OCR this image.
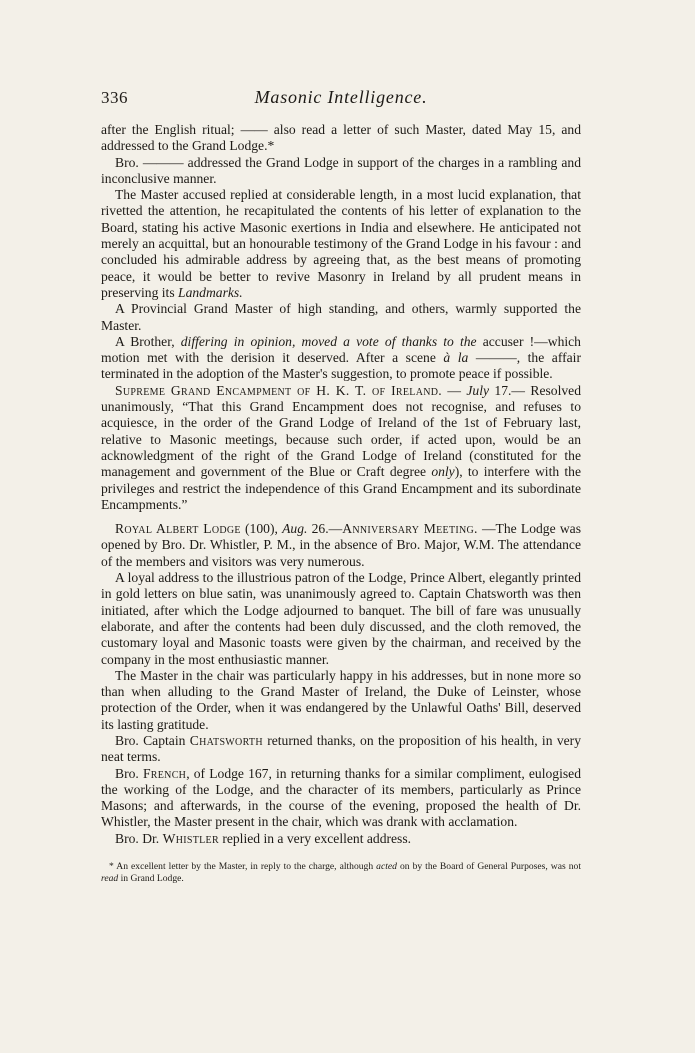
336	Masonic Intelligence.

after the English ritual; —— also read a letter of such Master, dated May 15, and addressed to the Grand Lodge.*

Bro. ——— addressed the Grand Lodge in support of the charges in a rambling and inconclusive manner.

The Master accused replied at considerable length, in a most lucid explanation, that rivetted the attention, he recapitulated the contents of his letter of explanation to the Board, stating his active Masonic exertions in India and elsewhere. He anticipated not merely an acquittal, but an honourable testimony of the Grand Lodge in his favour : and concluded his admirable address by agreeing that, as the best means of promoting peace, it would be better to revive Masonry in Ireland by all prudent means in preserving its Landmarks.

A Provincial Grand Master of high standing, and others, warmly supported the Master.

A Brother, differing in opinion, moved a vote of thanks to the accuser !—which motion met with the derision it deserved. After a scene à la ———, the affair terminated in the adoption of the Master's suggestion, to promote peace if possible.

Supreme Grand Encampment of H. K. T. of Ireland. — July 17.— Resolved unanimously, “That this Grand Encampment does not recognise, and refuses to acquiesce, in the order of the Grand Lodge of Ireland of the 1st of February last, relative to Masonic meetings, because such order, if acted upon, would be an acknowledgment of the right of the Grand Lodge of Ireland (constituted for the management and government of the Blue or Craft degree only), to interfere with the privileges and restrict the independence of this Grand Encampment and its subordinate Encampments.”

Royal Albert Lodge (100), Aug. 26.—Anniversary Meeting. —The Lodge was opened by Bro. Dr. Whistler, P. M., in the absence of Bro. Major, W.M. The attendance of the members and visitors was very numerous.

A loyal address to the illustrious patron of the Lodge, Prince Albert, elegantly printed in gold letters on blue satin, was unanimously agreed to. Captain Chatsworth was then initiated, after which the Lodge adjourned to banquet. The bill of fare was unusually elaborate, and after the contents had been duly discussed, and the cloth removed, the customary loyal and Masonic toasts were given by the chairman, and received by the company in the most enthusiastic manner.

The Master in the chair was particularly happy in his addresses, but in none more so than when alluding to the Grand Master of Ireland, the Duke of Leinster, whose protection of the Order, when it was endangered by the Unlawful Oaths' Bill, deserved its lasting gratitude.

Bro. Captain Chatsworth returned thanks, on the proposition of his health, in very neat terms.

Bro. French, of Lodge 167, in returning thanks for a similar compliment, eulogised the working of the Lodge, and the character of its members, particularly as Prince Masons; and afterwards, in the course of the evening, proposed the health of Dr. Whistler, the Master present in the chair, which was drank with acclamation.

Bro. Dr. Whistler replied in a very excellent address.

* An excellent letter by the Master, in reply to the charge, although acted on by the Board of General Purposes, was not read in Grand Lodge.
